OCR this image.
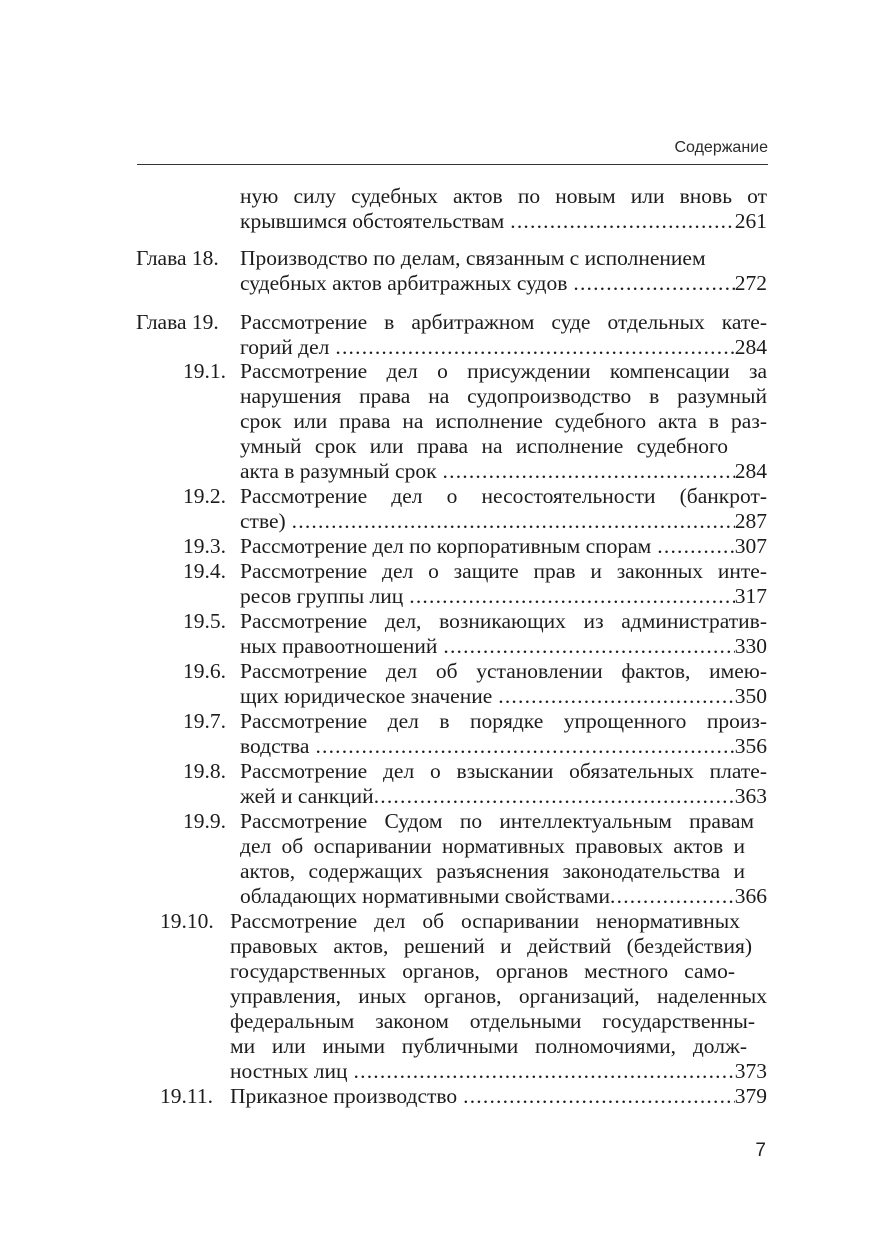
Содержание
ную силу судебных актов по новым или вновь от
крывшимся обстоятельствам .....	261
Глава 18. Производство по делам, связанным с исполнением
судебных актов арбитражных судов .....	272
Глава 19. Рассмотрение в арбитражном суде отдельных кате-
горий дел .....	284
19.1. Рассмотрение дел о присуждении компенсации за
нарушения права на судопроизводство в разумный
срок или права на исполнение судебного акта в раз-
умный срок или права на исполнение судебного
акта в разумный срок .....	284
19.2. Рассмотрение дел о несостоятельности (банкрот-
стве) .....	287
19.3. Рассмотрение дел по корпоративным спорам .....	307
19.4. Рассмотрение дел о защите прав и законных инте-
ресов группы лиц .....	317
19.5. Рассмотрение дел, возникающих из административ-
ных правоотношений .....	330
19.6. Рассмотрение дел об установлении фактов, имею-
щих юридическое значение .....	350
19.7. Рассмотрение дел в порядке упрощенного произ-
водства .....	356
19.8. Рассмотрение дел о взыскании обязательных плате-
жей и санкций .....	363
19.9. Рассмотрение Судом по интеллектуальным правам
дел об оспаривании нормативных правовых актов и
актов, содержащих разъяснения законодательства и
обладающих нормативными свойствами .....	366
19.10. Рассмотрение дел об оспаривании ненормативных
правовых актов, решений и действий (бездействия)
государственных органов, органов местного само-
управления, иных органов, организаций, наделенных
федеральным законом отдельными государственны-
ми или иными публичными полномочиями, долж-
ностных лиц .....	373
19.11. Приказное производство .....	379
7
